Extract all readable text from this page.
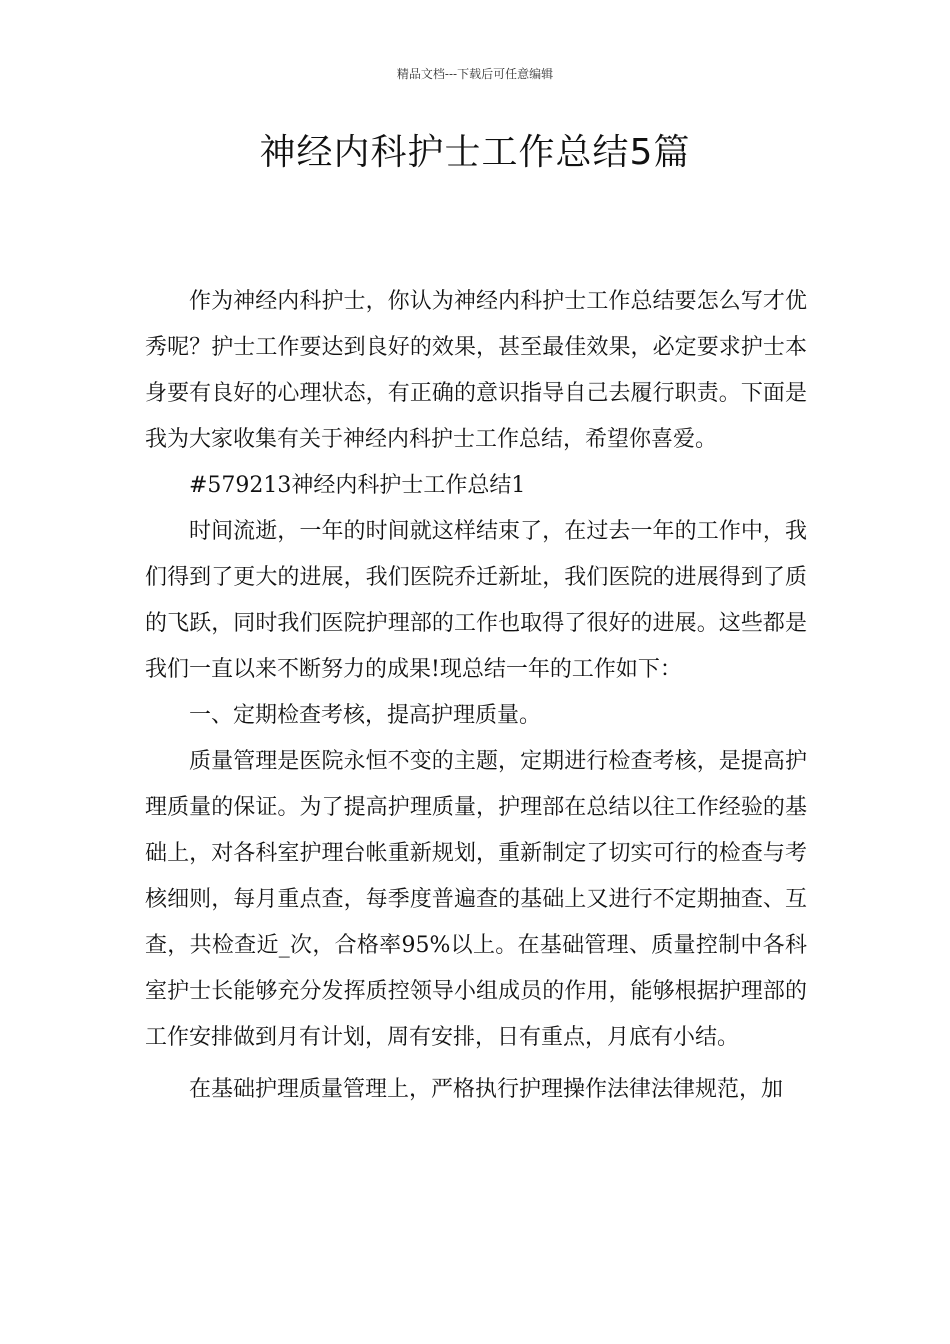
精品文档---下载后可任意编辑
神经内科护士工作总结5篇

作为神经内科护士，你认为神经内科护士工作总结要怎么写才优秀呢？护士工作要达到良好的效果，甚至最佳效果，必定要求护士本身要有良好的心理状态，有正确的意识指导自己去履行职责。下面是我为大家收集有关于神经内科护士工作总结，希望你喜爱。

#579213神经内科护士工作总结1

时间流逝，一年的时间就这样结束了，在过去一年的工作中，我们得到了更大的进展，我们医院乔迁新址，我们医院的进展得到了质的飞跃，同时我们医院护理部的工作也取得了很好的进展。这些都是我们一直以来不断努力的成果!现总结一年的工作如下：

一、定期检查考核，提高护理质量。

质量管理是医院永恒不变的主题，定期进行检查考核，是提高护理质量的保证。为了提高护理质量，护理部在总结以往工作经验的基础上，对各科室护理台帐重新规划，重新制定了切实可行的检查与考核细则，每月重点查，每季度普遍查的基础上又进行不定期抽查、互查，共检查近_次，合格率95%以上。在基础管理、质量控制中各科室护士长能够充分发挥质控领导小组成员的作用，能够根据护理部的工作安排做到月有计划，周有安排，日有重点，月底有小结。

在基础护理质量管理上，严格执行护理操作法律法律规范，加
